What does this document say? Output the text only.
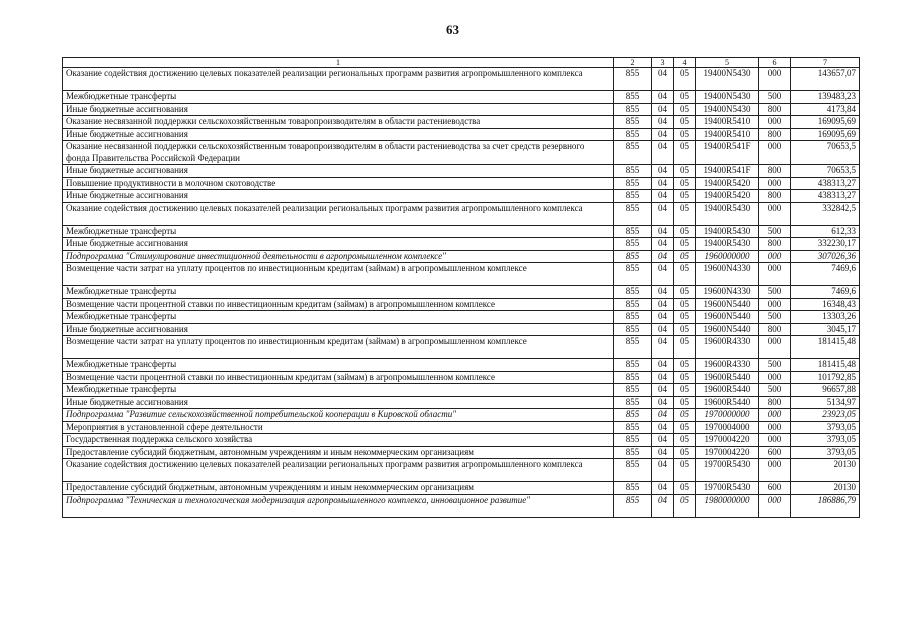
63
1	2	3	4	5	6	7
Оказание содействия достижению целевых показателей реализации региональных программ развития агропромышленного комплекса	855	04	05	19400N5430	000	143657,07
Межбюджетные трансферты	855	04	05	19400N5430	500	139483,23
Иные бюджетные ассигнования	855	04	05	19400N5430	800	4173,84
Оказание несвязанной поддержки сельскохозяйственным товаропроизводителям в области растениеводства	855	04	05	19400R5410	000	169095,69
Иные бюджетные ассигнования	855	04	05	19400R5410	800	169095,69
Оказание несвязанной поддержки сельскохозяйственным товаропроизводителям в области растениеводства за счет средств резервного фонда Правительства Российской Федерации	855	04	05	19400R541F	000	70653,5
Иные бюджетные ассигнования	855	04	05	19400R541F	800	70653,5
Повышение продуктивности в молочном скотоводстве	855	04	05	19400R5420	000	438313,27
Иные бюджетные ассигнования	855	04	05	19400R5420	800	438313,27
Оказание содействия достижению целевых показателей реализации региональных программ развития агропромышленного комплекса	855	04	05	19400R5430	000	332842,5
Межбюджетные трансферты	855	04	05	19400R5430	500	612,33
Иные бюджетные ассигнования	855	04	05	19400R5430	800	332230,17
Подпрограмма "Стимулирование инвестиционной деятельности в агропромышленном комплексе"	855	04	05	1960000000	000	307026,36
Возмещение части затрат на уплату процентов по инвестиционным кредитам (займам) в агропромышленном комплексе	855	04	05	19600N4330	000	7469,6
Межбюджетные трансферты	855	04	05	19600N4330	500	7469,6
Возмещение части процентной ставки по инвестиционным кредитам (займам) в агропромышленном комплексе	855	04	05	19600N5440	000	16348,43
Межбюджетные трансферты	855	04	05	19600N5440	500	13303,26
Иные бюджетные ассигнования	855	04	05	19600N5440	800	3045,17
Возмещение части затрат на уплату процентов по инвестиционным кредитам (займам) в агропромышленном комплексе	855	04	05	19600R4330	000	181415,48
Межбюджетные трансферты	855	04	05	19600R4330	500	181415,48
Возмещение части процентной ставки по инвестиционным кредитам (займам) в агропромышленном комплексе	855	04	05	19600R5440	000	101792,85
Межбюджетные трансферты	855	04	05	19600R5440	500	96657,88
Иные бюджетные ассигнования	855	04	05	19600R5440	800	5134,97
Подпрограмма "Развитие сельскохозяйственной потребительской кооперации в Кировской области"	855	04	05	1970000000	000	23923,05
Мероприятия в установленной сфере деятельности	855	04	05	1970004000	000	3793,05
Государственная поддержка сельского хозяйства	855	04	05	1970004220	000	3793,05
Предоставление субсидий бюджетным, автономным учреждениям и иным некоммерческим организациям	855	04	05	1970004220	600	3793,05
Оказание содействия достижению целевых показателей реализации региональных программ развития агропромышленного комплекса	855	04	05	19700R5430	000	20130
Предоставление субсидий бюджетным, автономным учреждениям и иным некоммерческим организациям	855	04	05	19700R5430	600	20130
Подпрограмма "Техническая и технологическая модернизация агропромышленного комплекса, инновационное развитие"	855	04	05	1980000000	000	186886,79
